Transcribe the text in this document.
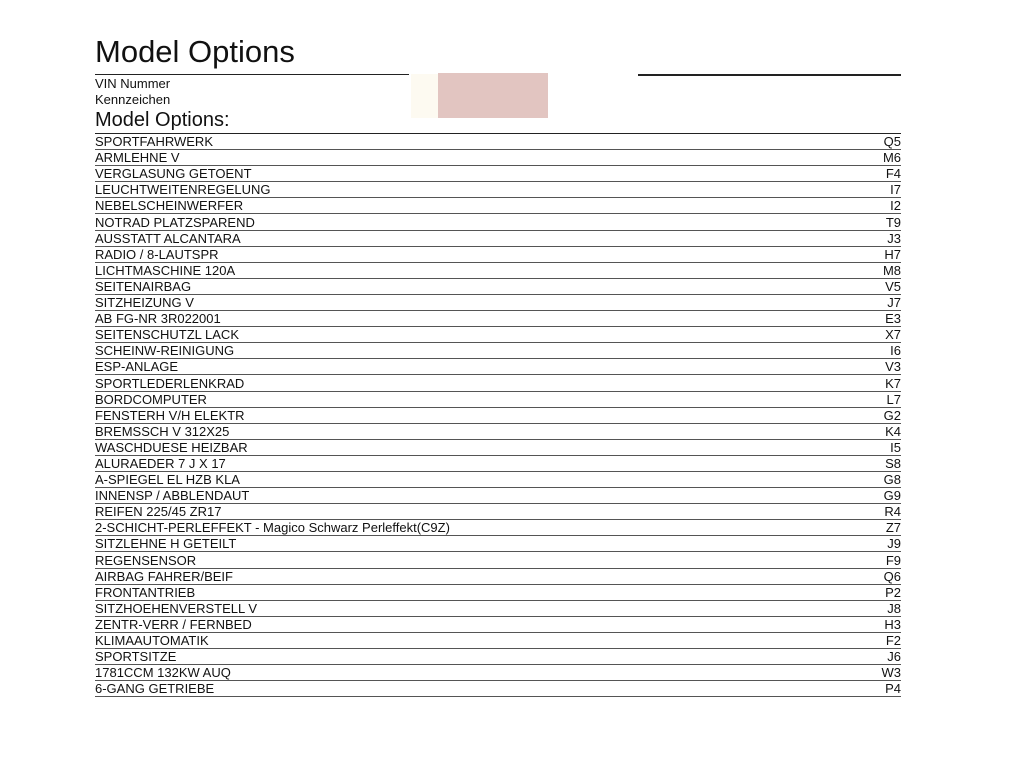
Model Options
VIN Nummer
Kennzeichen
Model Options:
SPORTFAHRWERK	Q5
ARMLEHNE V	M6
VERGLASUNG GETOENT	F4
LEUCHTWEITENREGELUNG	I7
NEBELSCHEINWERFER	I2
NOTRAD PLATZSPAREND	T9
AUSSTATT ALCANTARA	J3
RADIO / 8-LAUTSPR	H7
LICHTMASCHINE 120A	M8
SEITENAIRBAG	V5
SITZHEIZUNG V	J7
AB FG-NR 3R022001	E3
SEITENSCHUTZL LACK	X7
SCHEINW-REINIGUNG	I6
ESP-ANLAGE	V3
SPORTLEDERLENKRAD	K7
BORDCOMPUTER	L7
FENSTERH V/H ELEKTR	G2
BREMSSCH V 312X25	K4
WASCHDUESE HEIZBAR	I5
ALURAEDER 7 J X 17	S8
A-SPIEGEL EL HZB KLA	G8
INNENSP / ABBLENDAUT	G9
REIFEN 225/45 ZR17	R4
2-SCHICHT-PERLEFFEKT - Magico Schwarz Perleffekt(C9Z)	Z7
SITZLEHNE H GETEILT	J9
REGENSENSOR	F9
AIRBAG FAHRER/BEIF	Q6
FRONTANTRIEB	P2
SITZHOEHENVERSTELL V	J8
ZENTR-VERR / FERNBED	H3
KLIMAAUTOMATIK	F2
SPORTSITZE	J6
1781CCM 132KW AUQ	W3
6-GANG GETRIEBE	P4
